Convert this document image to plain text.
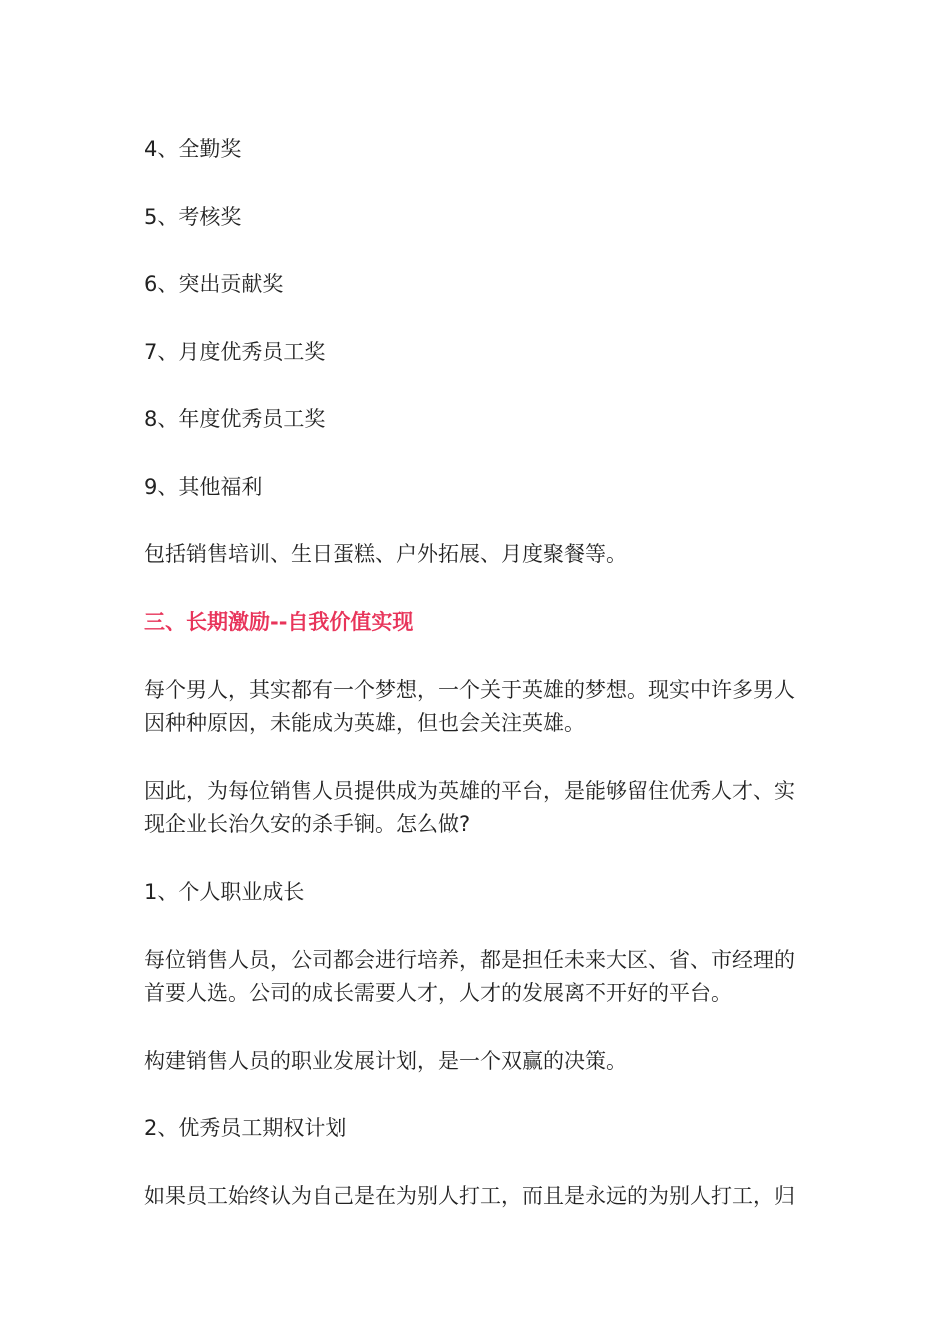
4、全勤奖

5、考核奖

6、突出贡献奖

7、月度优秀员工奖

8、年度优秀员工奖

9、其他福利

包括销售培训、生日蛋糕、户外拓展、月度聚餐等。

三、长期激励--自我价值实现

每个男人，其实都有一个梦想，一个关于英雄的梦想。现实中许多男人
因种种原因，未能成为英雄，但也会关注英雄。
因此，为每位销售人员提供成为英雄的平台，是能够留住优秀人才、实
现企业长治久安的杀手锏。怎么做?

1、个人职业成长

每位销售人员，公司都会进行培养，都是担任未来大区、省、市经理的
首要人选。公司的成长需要人才，人才的发展离不开好的平台。

构建销售人员的职业发展计划，是一个双赢的决策。

2、优秀员工期权计划

如果员工始终认为自己是在为别人打工，而且是永远的为别人打工，归
